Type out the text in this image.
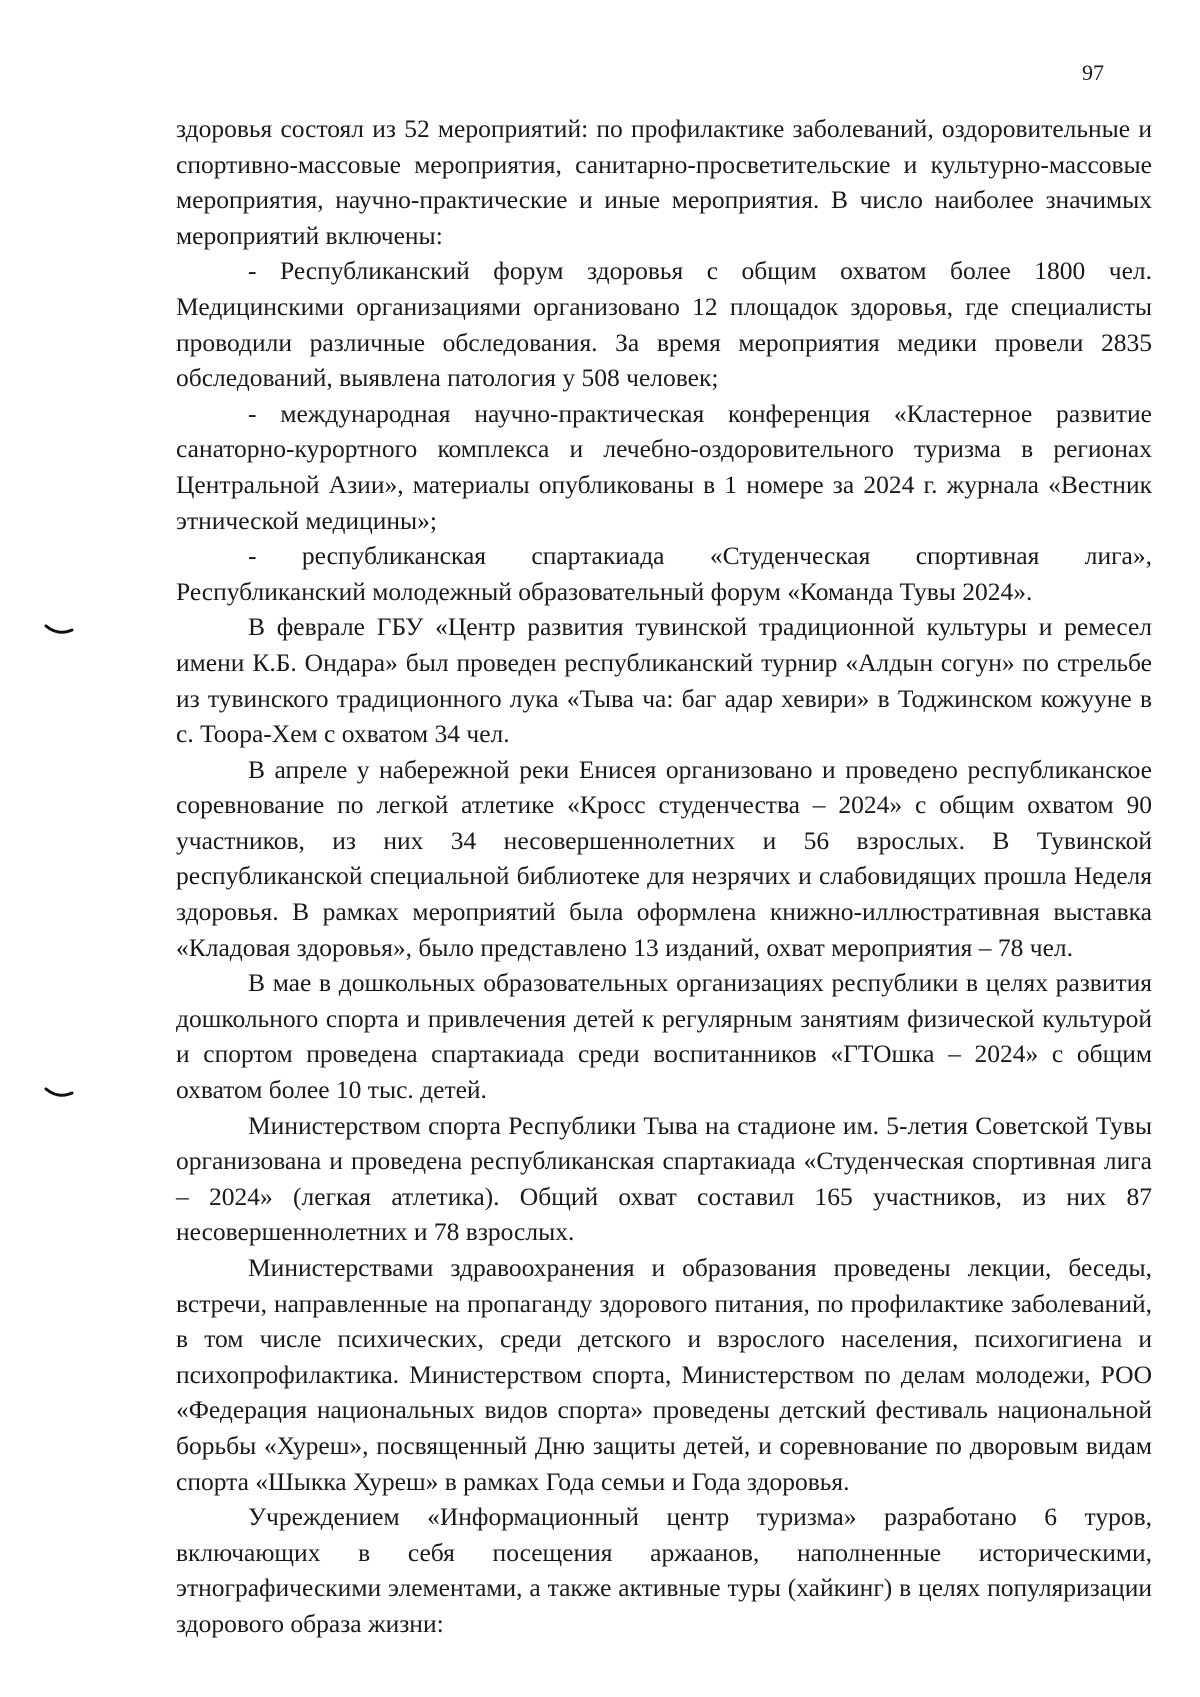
97

здоровья состоял из 52 мероприятий: по профилактике заболеваний, оздоровительные и спортивно-массовые мероприятия, санитарно-просветительские и культурно-массовые мероприятия, научно-практические и иные мероприятия. В число наиболее значимых мероприятий включены:

- Республиканский форум здоровья с общим охватом более 1800 чел. Медицинскими организациями организовано 12 площадок здоровья, где специалисты проводили различные обследования. За время мероприятия медики провели 2835 обследований, выявлена патология у 508 человек;

- международная научно-практическая конференция «Кластерное развитие санаторно-курортного комплекса и лечебно-оздоровительного туризма в регионах Центральной Азии», материалы опубликованы в 1 номере за 2024 г. журнала «Вестник этнической медицины»;

- республиканская спартакиада «Студенческая спортивная лига», Республиканский молодежный образовательный форум «Команда Тувы 2024».

В феврале ГБУ «Центр развития тувинской традиционной культуры и ремесел имени К.Б. Ондара» был проведен республиканский турнир «Алдын согун» по стрельбе из тувинского традиционного лука «Тыва ча: баг адар хевири» в Тоджинском кожууне в с. Тоора-Хем с охватом 34 чел.

В апреле у набережной реки Енисея организовано и проведено республиканское соревнование по легкой атлетике «Кросс студенчества – 2024» с общим охватом 90 участников, из них 34 несовершеннолетних и 56 взрослых. В Тувинской республиканской специальной библиотеке для незрячих и слабовидящих прошла Неделя здоровья. В рамках мероприятий была оформлена книжно-иллюстративная выставка «Кладовая здоровья», было представлено 13 изданий, охват мероприятия – 78 чел.

В мае в дошкольных образовательных организациях республики в целях развития дошкольного спорта и привлечения детей к регулярным занятиям физической культурой и спортом проведена спартакиада среди воспитанников «ГТОшка – 2024» с общим охватом более 10 тыс. детей.

Министерством спорта Республики Тыва на стадионе им. 5-летия Советской Тувы организована и проведена республиканская спартакиада «Студенческая спортивная лига – 2024» (легкая атлетика). Общий охват составил 165 участников, из них 87 несовершеннолетних и 78 взрослых.

Министерствами здравоохранения и образования проведены лекции, беседы, встречи, направленные на пропаганду здорового питания, по профилактике заболеваний, в том числе психических, среди детского и взрослого населения, психогигиена и психопрофилактика. Министерством спорта, Министерством по делам молодежи, РОО «Федерация национальных видов спорта» проведены детский фестиваль национальной борьбы «Хуреш», посвященный Дню защиты детей, и соревнование по дворовым видам спорта «Шыкка Хуреш» в рамках Года семьи и Года здоровья.

Учреждением «Информационный центр туризма» разработано 6 туров, включающих в себя посещения аржаанов, наполненные историческими, этнографическими элементами, а также активные туры (хайкинг) в целях популяризации здорового образа жизни:
